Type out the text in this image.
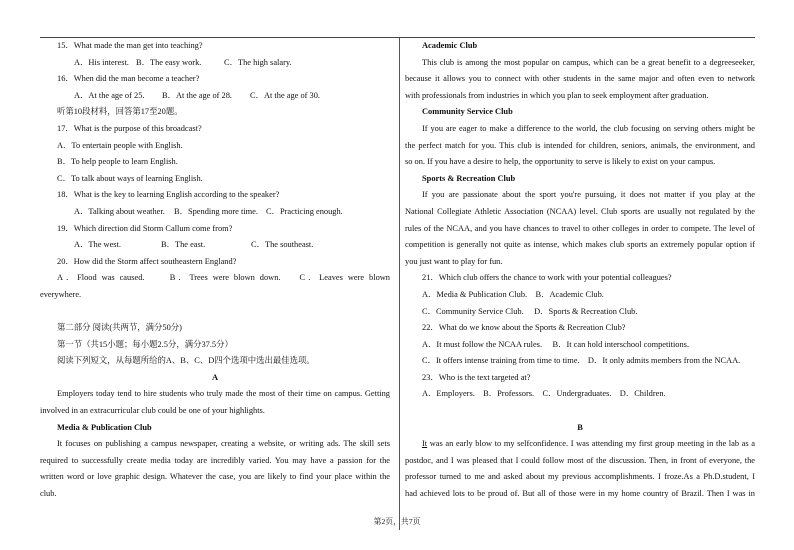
15．What made the man get into teaching?
A．His interest. B．The easy work.	C．The high salary.
16．When did the man become a teacher?
A．At the age of 25. B．At the age of 28. C．At the age of 30.
听第10段材料，回答第17至20题。
17．What is the purpose of this broadcast?
A．To entertain people with English.
B．To help people to learn English.
C．To talk about ways of learning English.
18．What is the key to learning English according to the speaker?
A．Talking about weather. B．Spending more time. C．Practicing enough.
19．Which direction did Storm Callum come from?
A．The west.	B．The east.	C．The southeast.
20．How did the Storm affect southeastern England?
A．Flood was caused.　　B．Trees were blown down.　 C．Leaves were blown
everywhere.
第二部分 阅读(共两节，满分50分)
第一节（共15小题；每小题2.5分，满分37.5分）
阅读下列短文，从每题所给的A、B、C、D四个选项中选出最佳选项。
A
Employers today tend to hire students who truly made the most of their time on campus. Getting
involved in an extracurricular club could be one of your highlights.
Media & Publication Club
It focuses on publishing a campus newspaper, creating a website, or writing ads. The skill sets
required to successfully create media today are incredibly varied. You may have a passion for the
written word or love graphic design. Whatever the case, you are likely to find your place within the
club.
Academic Club
This club is among the most popular on campus, which can be a great benefit to a degreeseeker,
because it allows you to connect with other students in the same major and often even to network
with professionals from industries in which you plan to seek employment after graduation.
Community Service Club
If you are eager to make a difference to the world, the club focusing on serving others might be
the perfect match for you. This club is intended for children, seniors, animals, the environment, and
so on. If you have a desire to help, the opportunity to serve is likely to exist on your campus.
Sports & Recreation Club
If you are passionate about the sport you're pursuing, it does not matter if you play at the
National Collegiate Athletic Association (NCAA) level. Club sports are usually not regulated by the
rules of the NCAA, and you have chances to travel to other colleges in order to compete. The level of
competition is generally not quite as intense, which makes club sports an extremely popular option if
you just want to play for fun.
21．Which club offers the chance to work with your potential colleagues?
A．Media & Publication Club.　B．Academic Club.
C．Community Service Club.　 D．Sports & Recreation Club.
22．What do we know about the Sports & Recreation Club?
A．It must follow the NCAA rules.　 B．It can hold interschool competitions.
C．It offers intense training from time to time.　D．It only admits members from the NCAA.
23．Who is the text targeted at?
A．Employers.　B．Professors.　C．Undergraduates.　D．Children.
B
It was an early blow to my selfconfidence. I was attending my first group meeting in the lab as a
postdoc, and I was pleased that I could follow most of the discussion. Then, in front of everyone, the
professor turned to me and asked about my previous accomplishments. I froze.As a Ph.D.student, I
had achieved lots to be proud of. But all of those were in my home country of Brazil. Then I was in
第2页，共7页
